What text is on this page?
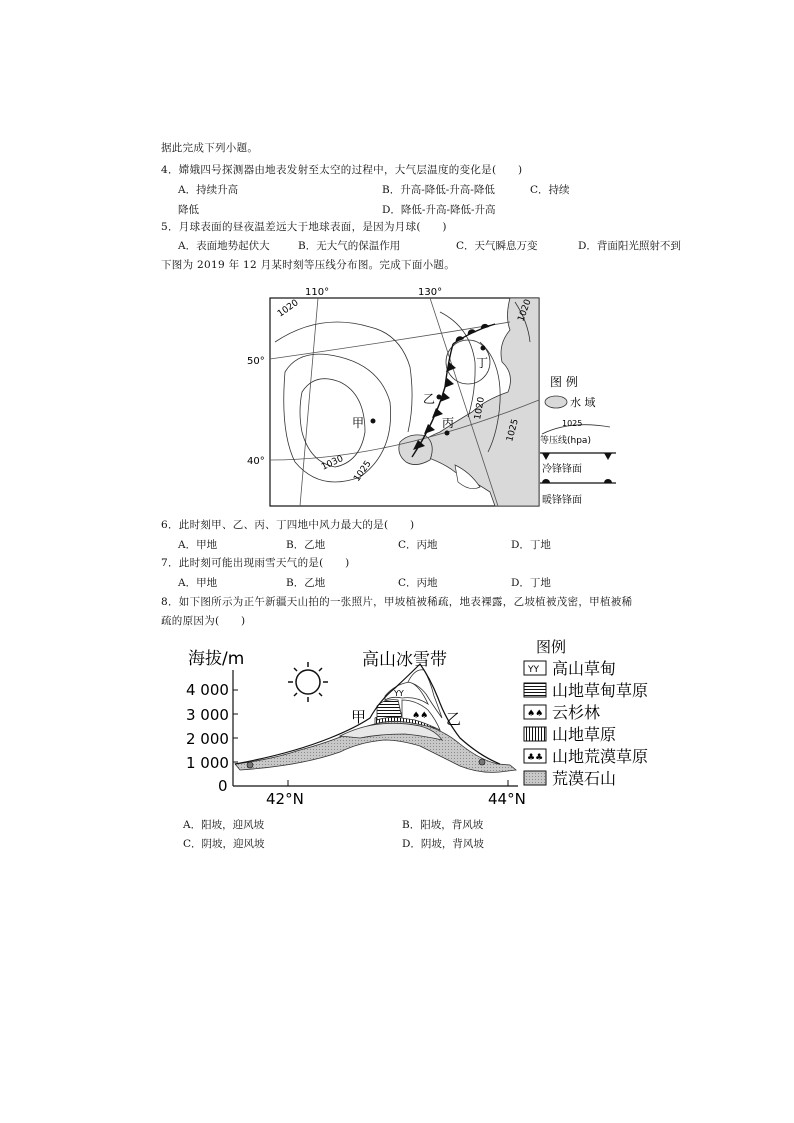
据此完成下列小题。
4．嫦娥四号探测器由地表发射至太空的过程中，大气层温度的变化是(　　)
A．持续升高	B．升高-降低-升高-降低	C．持续
降低	D．降低-升高-降低-升高
5．月球表面的昼夜温差远大于地球表面，是因为月球(　　)
A．表面地势起伏大	B．无大气的保温作用	C．天气瞬息万变	D．背面阳光照射不到
下图为 2019 年 12 月某时刻等压线分布图。完成下面小题。
110°	130°
50°
40°
1020
1030 1025
1020
1025
1020
甲
乙
丙
丁
图 例
水 域
1025
等压线(hpa)
冷锋锋面
暖锋锋面
6．此时刻甲、乙、丙、丁四地中风力最大的是(　　)
A．甲地	B．乙地	C．丙地	D．丁地
7．此时刻可能出现雨雪天气的是(　　)
A．甲地	B．乙地	C．丙地	D．丁地
8．如下图所示为正午新疆天山拍的一张照片，甲坡植被稀疏，地表裸露，乙坡植被茂密，甲植被稀
疏的原因为(　　)
海拔/m
4 000
3 000
2 000
1 000
0
42°N	44°N
高山冰雪带
♠♠
YY
甲	乙
图例
YY 高山草甸
山地草甸草原
♠♠ 云杉林
山地草原
♣♣ 山地荒漠草原
荒漠石山
A．阳坡，迎风坡	B．阳坡，背风坡
C．阴坡，迎风坡	D．阴坡，背风坡
